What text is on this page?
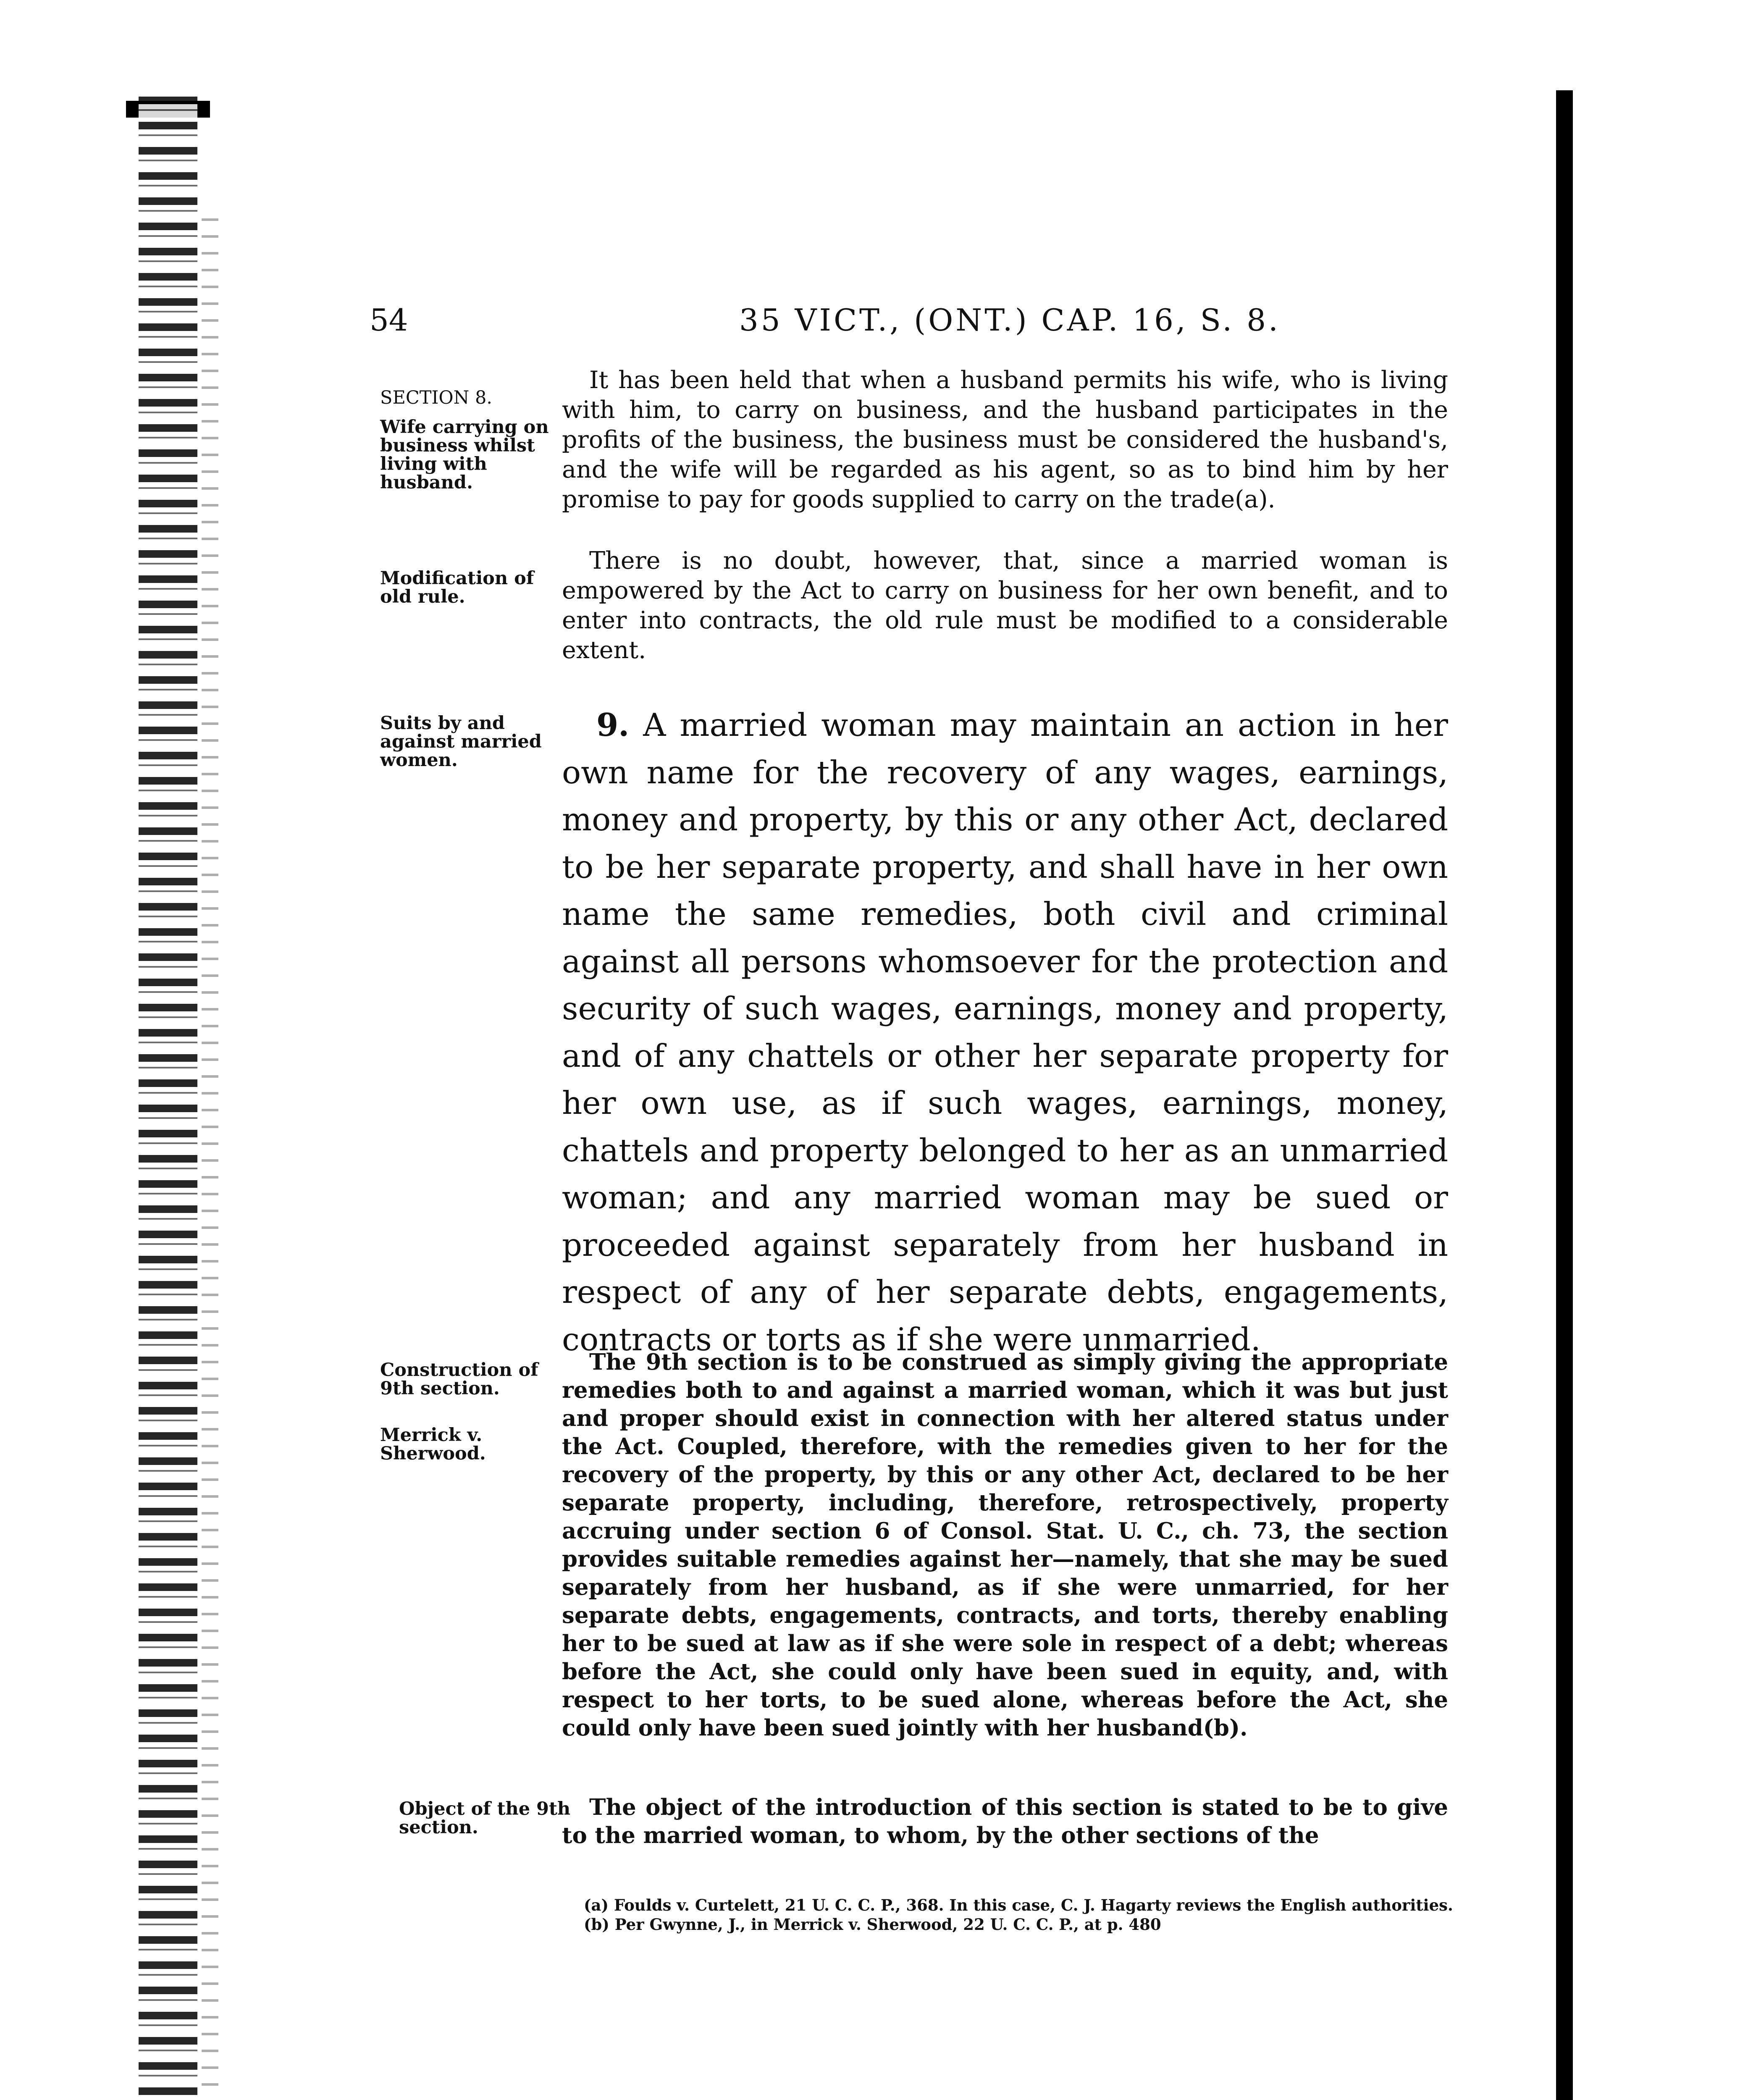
54	35 VICT., (ONT.) CAP. 16, S. 8.
SECTION 8.
Wife carrying on business whilst living with husband.
Modification of old rule.
Suits by and against married women.
Construction of 9th section.
Merrick v. Sherwood.
Object of the 9th section.

It has been held that when a husband permits his wife, who is living with him, to carry on business, and the husband participates in the profits of the business, the business must be considered the husband's, and the wife will be regarded as his agent, so as to bind him by her promise to pay for goods supplied to carry on the trade(a).

There is no doubt, however, that, since a married woman is empowered by the Act to carry on business for her own benefit, and to enter into contracts, the old rule must be modified to a considerable extent.

9. A married woman may maintain an action in her own name for the recovery of any wages, earnings, money and property, by this or any other Act, declared to be her separate property, and shall have in her own name the same remedies, both civil and criminal against all persons whomsoever for the protection and security of such wages, earnings, money and property, and of any chattels or other her separate property for her own use, as if such wages, earnings, money, chattels and property belonged to her as an unmarried woman; and any married woman may be sued or proceeded against separately from her husband in respect of any of her separate debts, engagements, contracts or torts as if she were unmarried.

The 9th section is to be construed as simply giving the appropriate remedies both to and against a married woman, which it was but just and proper should exist in connection with her altered status under the Act. Coupled, therefore, with the remedies given to her for the recovery of the property, by this or any other Act, declared to be her separate property, including, therefore, retrospectively, property accruing under section 6 of Consol. Stat. U. C., ch. 73, the section provides suitable remedies against her—namely, that she may be sued separately from her husband, as if she were unmarried, for her separate debts, engagements, contracts, and torts, thereby enabling her to be sued at law as if she were sole in respect of a debt; whereas before the Act, she could only have been sued in equity, and, with respect to her torts, to be sued alone, whereas before the Act, she could only have been sued jointly with her husband(b).

The object of the introduction of this section is stated to be to give to the married woman, to whom, by the other sections of the

(a) Foulds v. Curtelett, 21 U. C. C. P., 368. In this case, C. J. Hagarty reviews the English authorities.

(b) Per Gwynne, J., in Merrick v. Sherwood, 22 U. C. C. P., at p. 480
